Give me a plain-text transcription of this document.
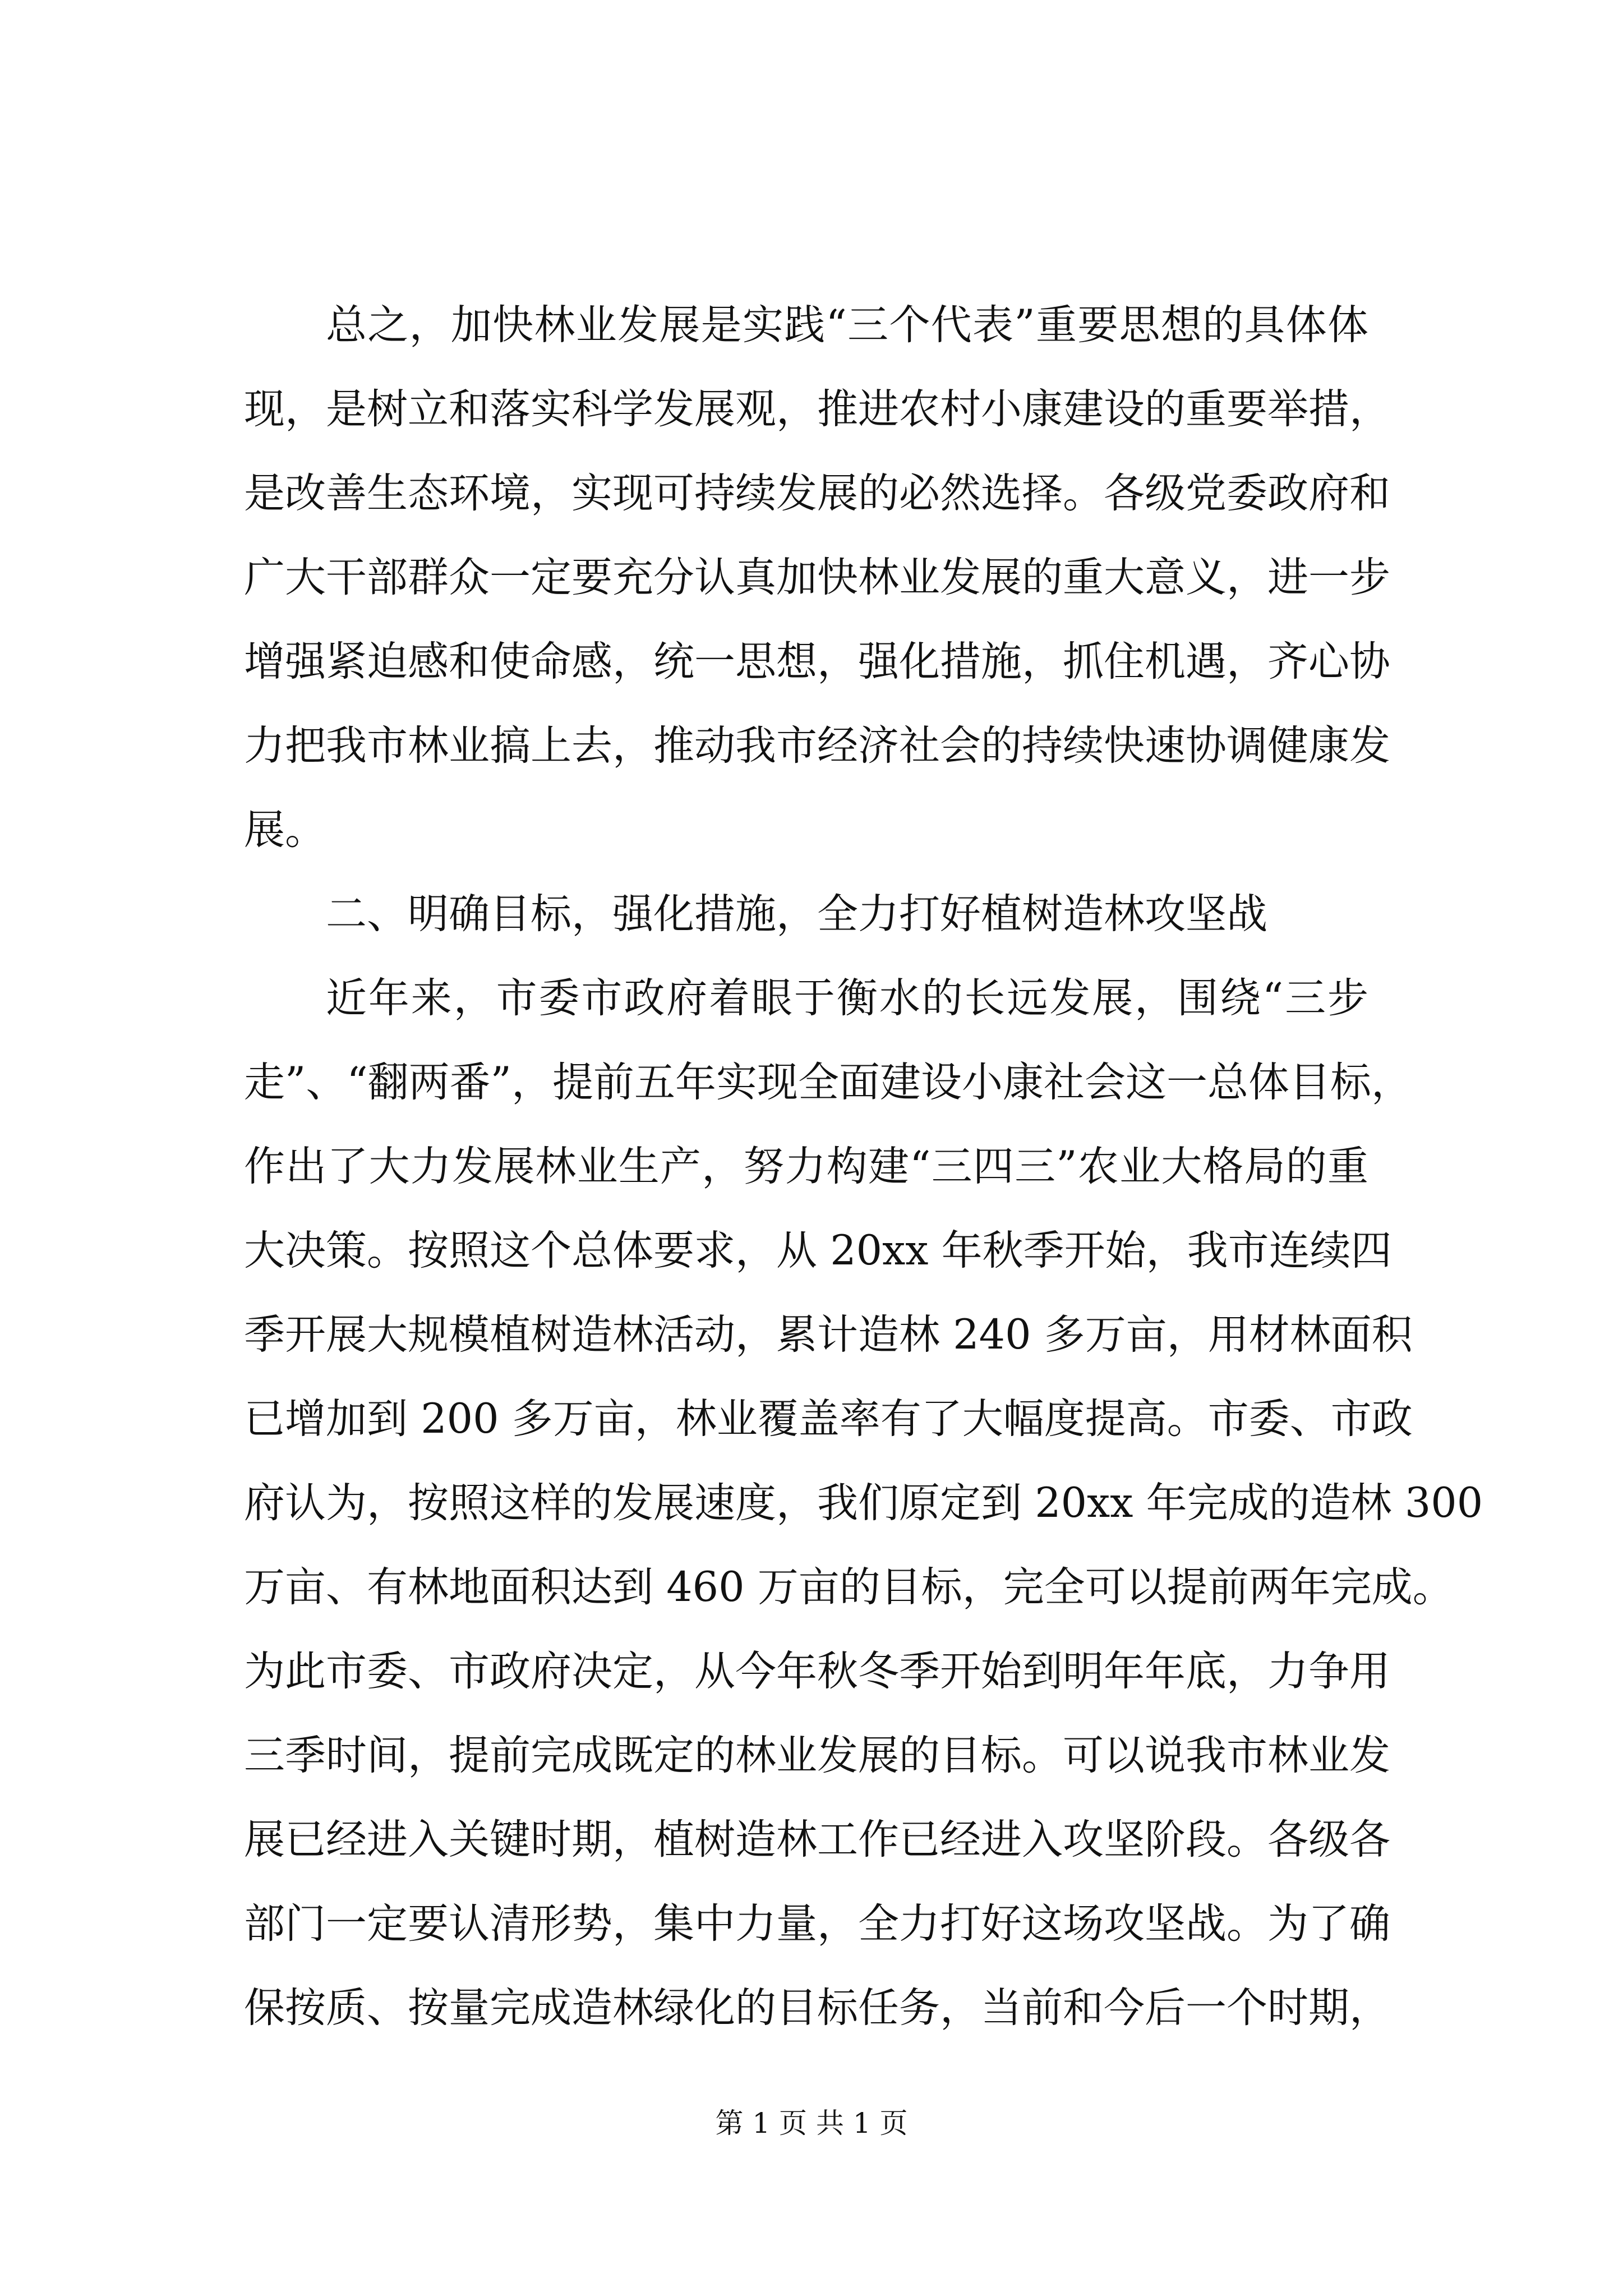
总之，加快林业发展是实践“三个代表”重要思想的具体体
现，是树立和落实科学发展观，推进农村小康建设的重要举措，
是改善生态环境，实现可持续发展的必然选择。各级党委政府和
广大干部群众一定要充分认真加快林业发展的重大意义，进一步
增强紧迫感和使命感，统一思想，强化措施，抓住机遇，齐心协
力把我市林业搞上去，推动我市经济社会的持续快速协调健康发
展。
二、明确目标，强化措施，全力打好植树造林攻坚战
近年来，市委市政府着眼于衡水的长远发展，围绕“三步
走”、“翻两番”，提前五年实现全面建设小康社会这一总体目标，
作出了大力发展林业生产，努力构建“三四三”农业大格局的重
大决策。按照这个总体要求，从 20xx 年秋季开始，我市连续四
季开展大规模植树造林活动，累计造林 240 多万亩，用材林面积
已增加到 200 多万亩，林业覆盖率有了大幅度提高。市委、市政
府认为，按照这样的发展速度，我们原定到 20xx 年完成的造林 300
万亩、有林地面积达到 460 万亩的目标，完全可以提前两年完成。
为此市委、市政府决定，从今年秋冬季开始到明年年底，力争用
三季时间，提前完成既定的林业发展的目标。可以说我市林业发
展已经进入关键时期，植树造林工作已经进入攻坚阶段。各级各
部门一定要认清形势，集中力量，全力打好这场攻坚战。为了确
保按质、按量完成造林绿化的目标任务，当前和今后一个时期，
第 1 页 共 1 页
